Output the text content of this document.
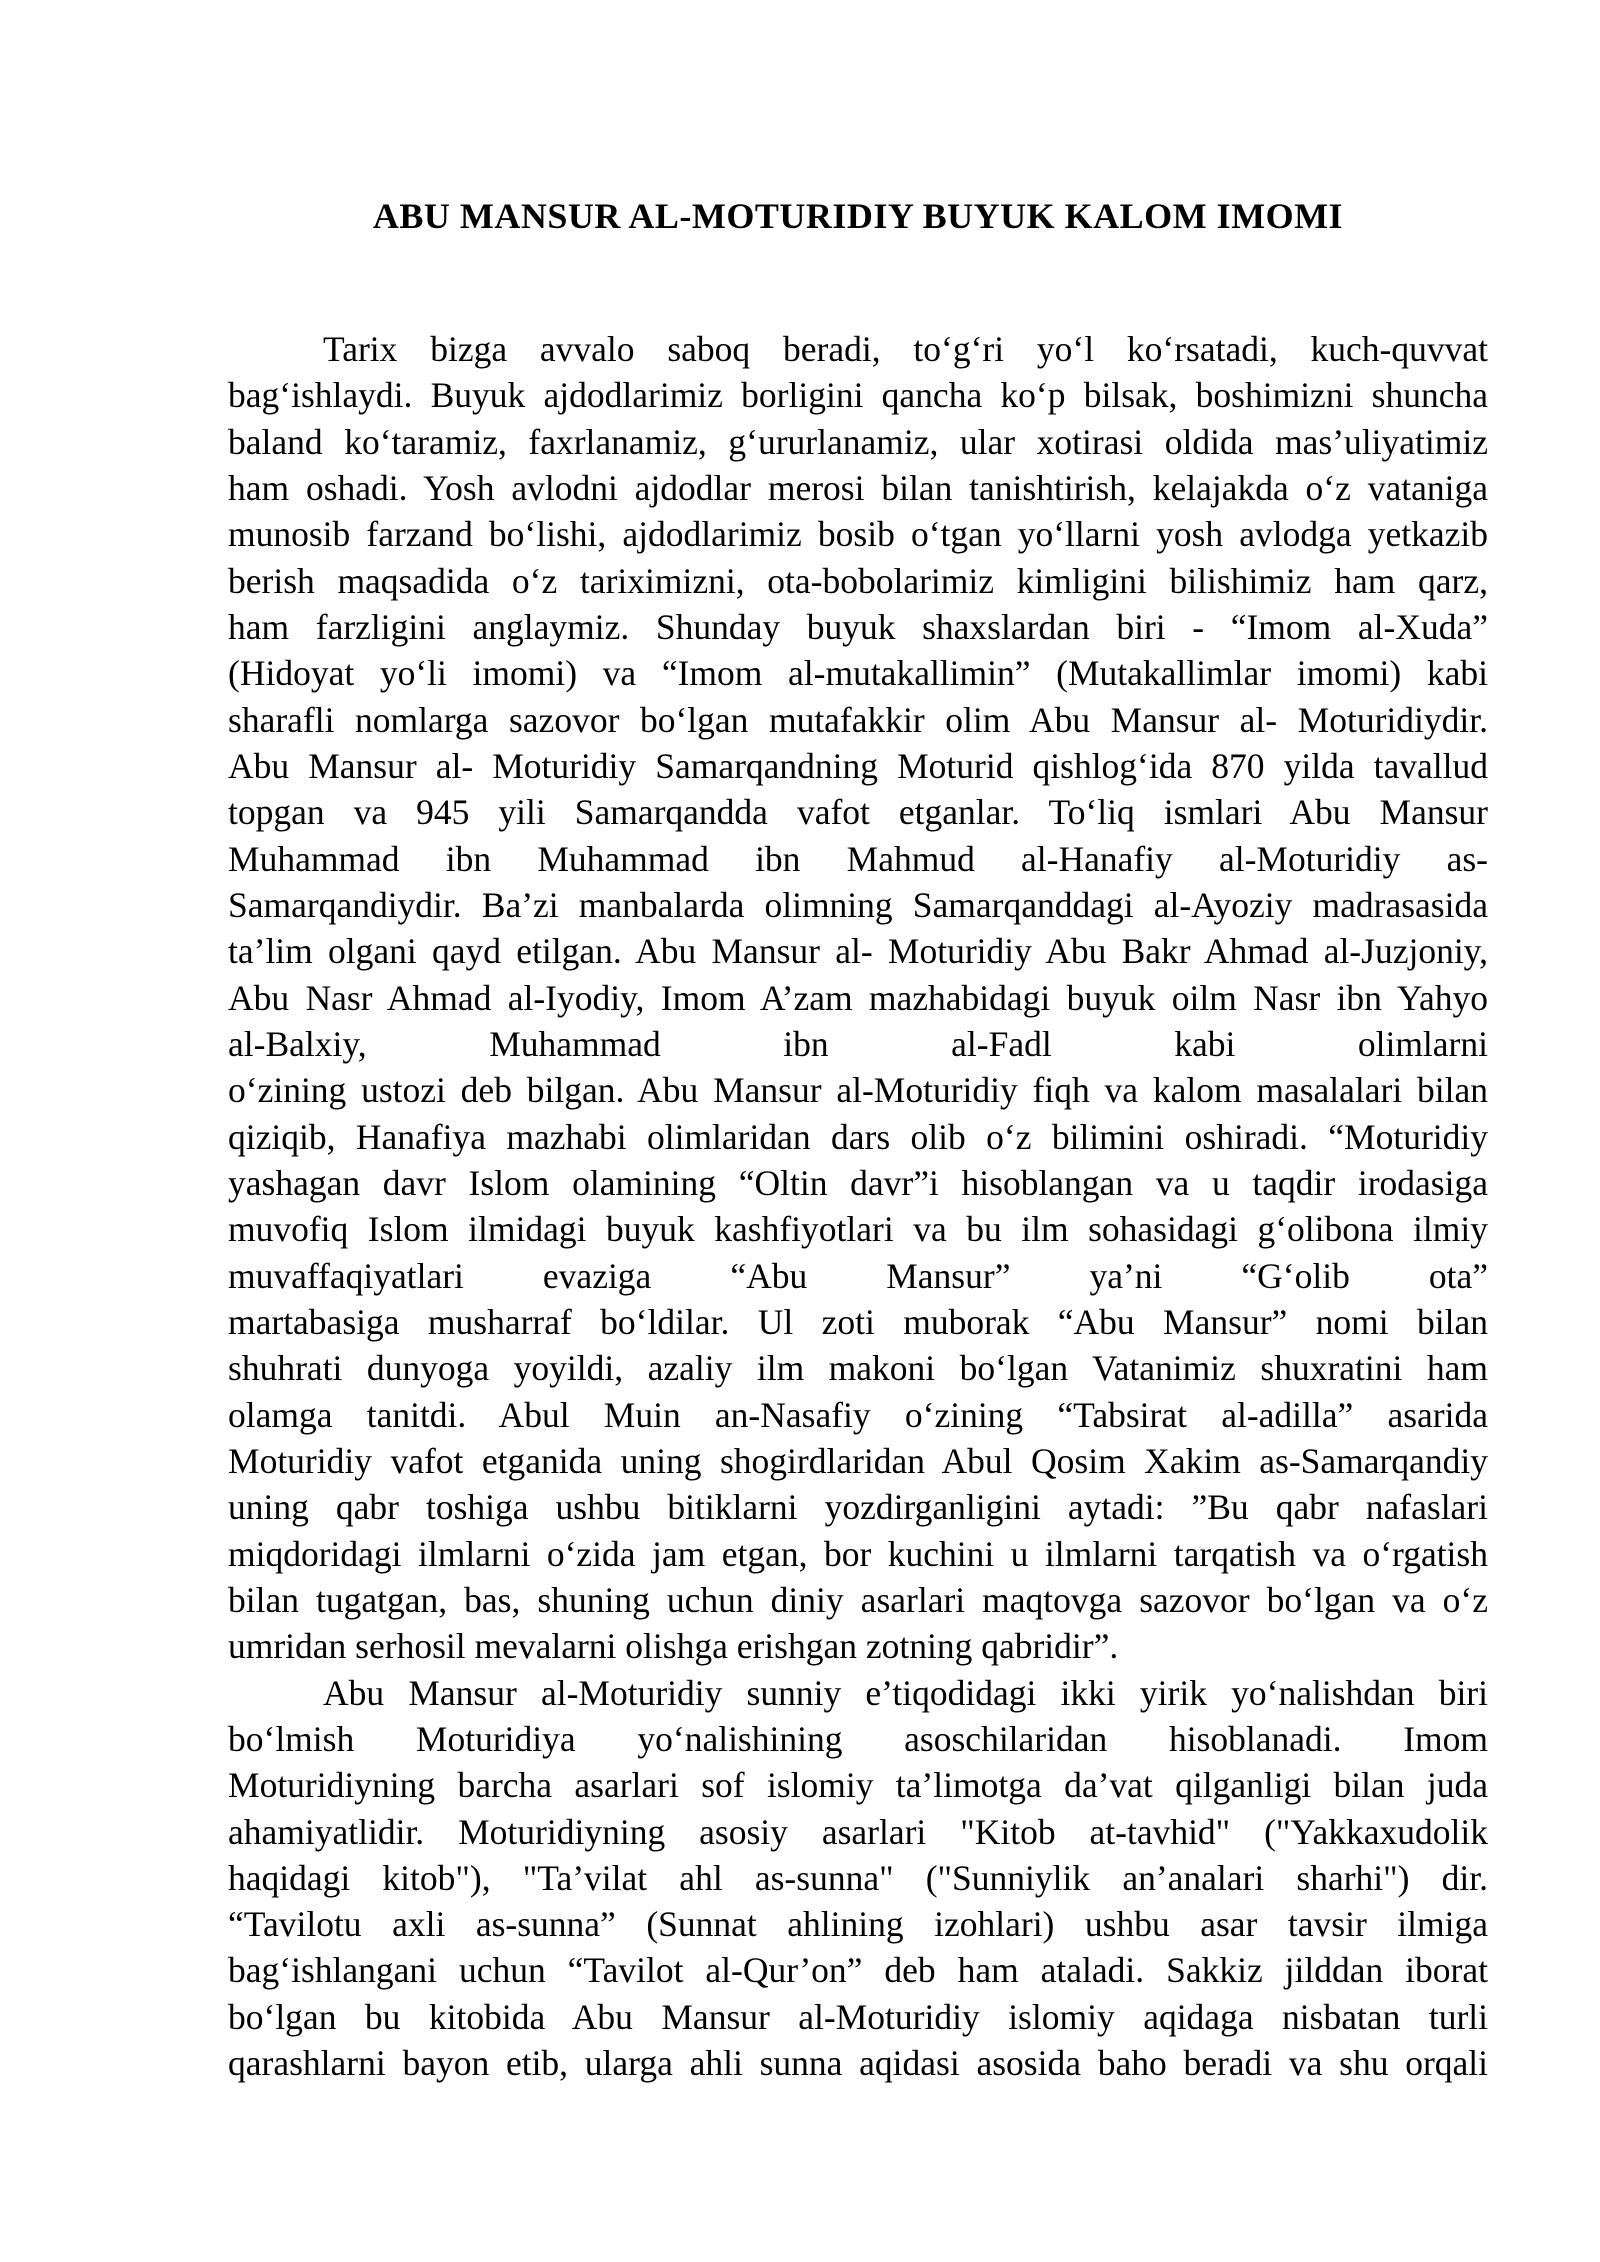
ABU MANSUR AL-MOTURIDIY BUYUK KALOM IMOMI
Tarix bizga avvalo saboq beradi, toʻgʻri yoʻl koʻrsatadi, kuch-quvvat
bagʻishlaydi. Buyuk ajdodlarimiz borligini qancha koʻp bilsak, boshimizni shuncha
baland koʻtaramiz, faxrlanamiz, gʻururlanamiz, ular xotirasi oldida mas’uliyatimiz
ham oshadi. Yosh avlodni ajdodlar merosi bilan tanishtirish, kelajakda oʻz vataniga
munosib farzand boʻlishi, ajdodlarimiz bosib oʻtgan yoʻllarni yosh avlodga yetkazib
berish maqsadida oʻz tariximizni, ota-bobolarimiz kimligini bilishimiz ham qarz,
ham farzligini anglaymiz. Shunday buyuk shaxslardan biri - “Imom al-Xuda”
(Hidoyat yoʻli imomi) va “Imom al-mutakallimin” (Mutakallimlar imomi) kabi
sharafli nomlarga sazovor boʻlgan mutafakkir olim Abu Mansur al- Moturidiydir.
Abu Mansur al- Moturidiy Samarqandning Moturid qishlogʻida 870 yilda tavallud
topgan va 945 yili Samarqandda vafot etganlar. Toʻliq ismlari Abu Mansur
Muhammad ibn Muhammad ibn Mahmud al-Hanafiy al-Moturidiy as-
Samarqandiydir. Ba’zi manbalarda olimning Samarqanddagi al-Ayoziy madrasasida
ta’lim olgani qayd etilgan. Abu Mansur al- Moturidiy Abu Bakr Ahmad al-Juzjoniy,
Abu Nasr Ahmad al-Iyodiy, Imom A’zam mazhabidagi buyuk oilm Nasr ibn Yahyo
al-Balxiy, Muhammad ibn al-Fadl kabi olimlarni
oʻzining ustozi deb bilgan. Abu Mansur al-Moturidiy fiqh va kalom masalalari bilan
qiziqib, Hanafiya mazhabi olimlaridan dars olib oʻz bilimini oshiradi. “Moturidiy
yashagan davr Islom olamining “Oltin davr”i hisoblangan va u taqdir irodasiga
muvofiq Islom ilmidagi buyuk kashfiyotlari va bu ilm sohasidagi gʻolibona ilmiy
muvaffaqiyatlari evaziga “Abu Mansur” ya’ni “Gʻolib ota”
martabasiga musharraf boʻldilar. Ul zoti muborak “Abu Mansur” nomi bilan
shuhrati dunyoga yoyildi, azaliy ilm makoni boʻlgan Vatanimiz shuxratini ham
olamga tanitdi. Abul Muin an-Nasafiy oʻzining “Tabsirat al-adilla” asarida
Moturidiy vafot etganida uning shogirdlaridan Abul Qosim Xakim as-Samarqandiy
uning qabr toshiga ushbu bitiklarni yozdirganligini aytadi: ”Bu qabr nafaslari
miqdoridagi ilmlarni oʻzida jam etgan, bor kuchini u ilmlarni tarqatish va oʻrgatish
bilan tugatgan, bas, shuning uchun diniy asarlari maqtovga sazovor boʻlgan va oʻz
umridan serhosil mevalarni olishga erishgan zotning qabridir”.
Abu Mansur al-Moturidiy sunniy e’tiqodidagi ikki yirik yoʻnalishdan biri
boʻlmish Moturidiya yoʻnalishining asoschilaridan hisoblanadi. Imom
Moturidiyning barcha asarlari sof islomiy ta’limotga da’vat qilganligi bilan juda
ahamiyatlidir. Moturidiyning asosiy asarlari "Kitob at-tavhid" ("Yakkaxudolik
haqidagi kitob"), "Ta’vilat ahl as-sunna" ("Sunniylik an’analari sharhi") dir.
“Tavilotu axli as-sunna” (Sunnat ahlining izohlari) ushbu asar tavsir ilmiga
bagʻishlangani uchun “Tavilot al-Qur’on” deb ham ataladi. Sakkiz jilddan iborat
boʻlgan bu kitobida Abu Mansur al-Moturidiy islomiy aqidaga nisbatan turli
qarashlarni bayon etib, ularga ahli sunna aqidasi asosida baho beradi va shu orqali
